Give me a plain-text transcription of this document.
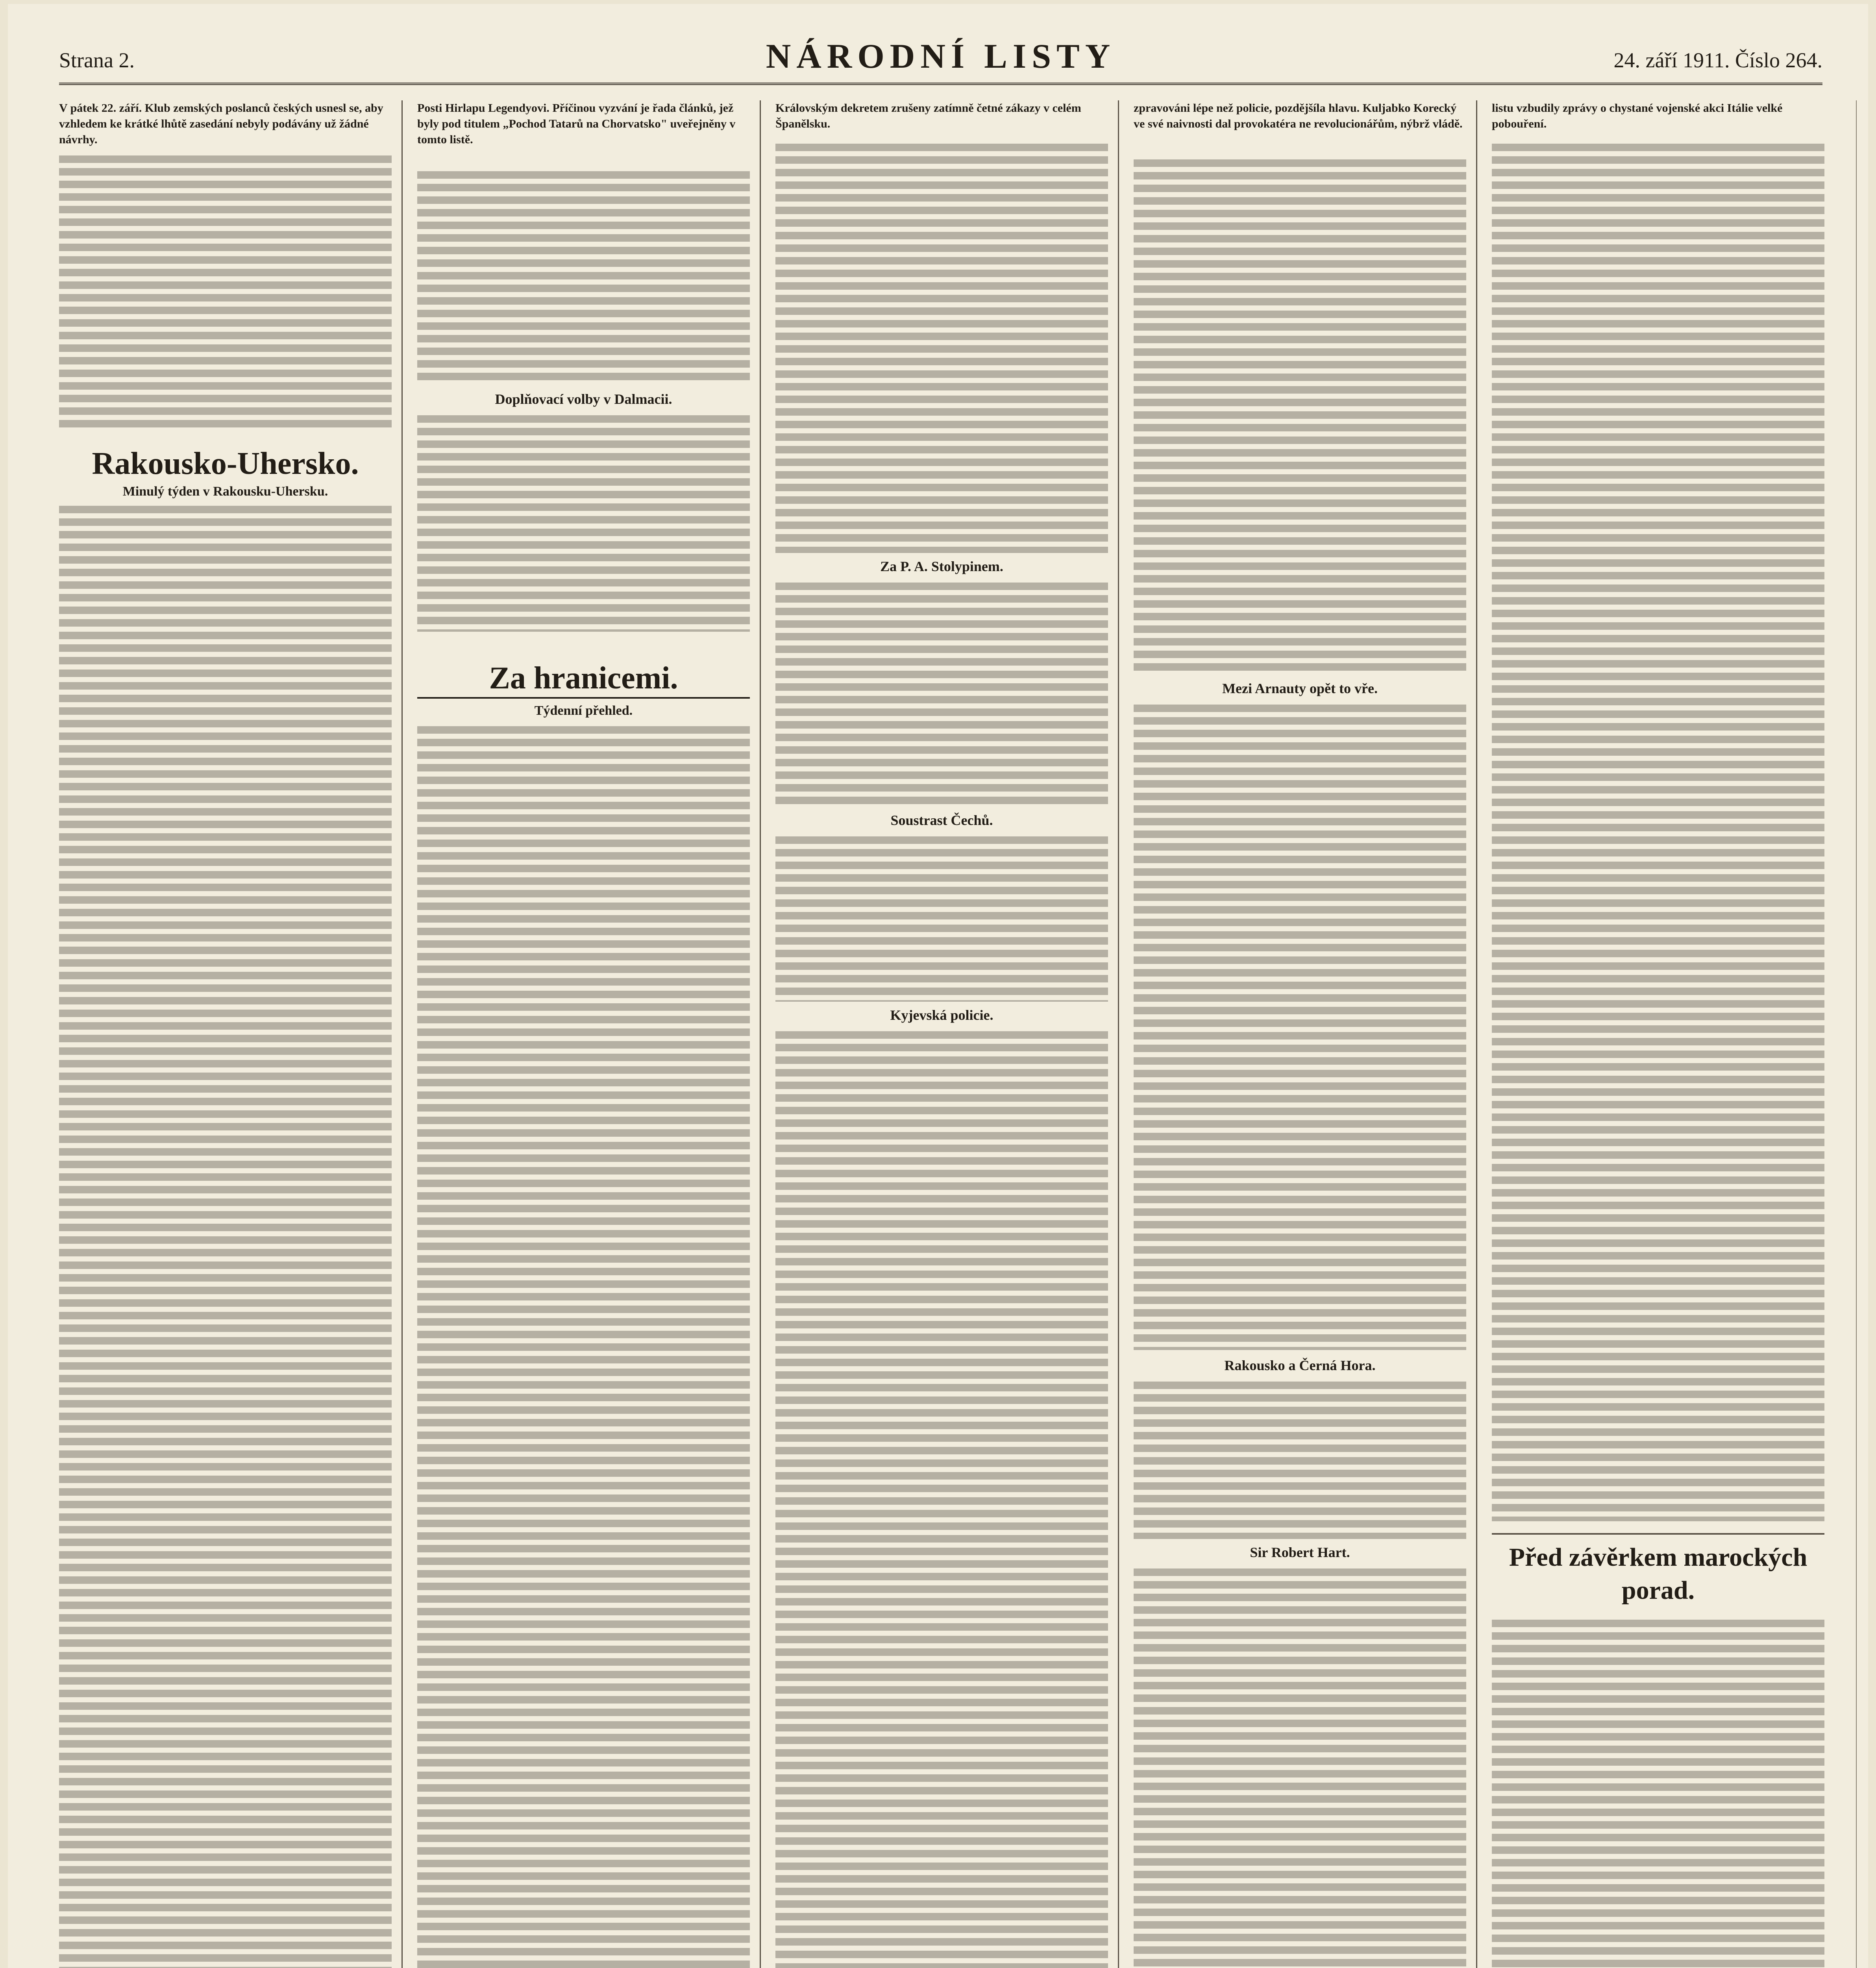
Strana 2.	NÁRODNÍ LISTY	24. září 1911. Číslo 264.

V pátek 22. září. Klub zemských poslanců českých usnesl se, aby vzhledem ke krátké lhůtě zasedání nebyly podávány už žádné návrhy.

Rakousko-Uhersko.
Minulý týden v Rakousku-Uhersku.

Posti Hirlapu Legendyovi. Příčinou vyzvání je řada článků, jež byly pod titulem „Pochod Tatarů na Chorvatsko" uveřejněny v tomto listě.

Doplňovací volby v Dalmacii.
Za hranicemi.
Týdenní přehled.

Královským dekretem zrušeny zatímně četné zákazy v celém Španělsku.

Za P. A. Stolypinem.
Soustrast Čechů.
Kyjevská policie.

zpravováni lépe než policie, pozdějšíla hlavu. Kuljabko Korecký ve své naivnosti dal provokatéra ne revolucionářům, nýbrž vládě.

Mezi Arnauty opět to vře.
Rakousko a Černá Hora.
Sir Robert Hart.

listu vzbudily zprávy o chystané vojenské akci Itálie velké pobouření.

Před závěrkem marockých porad.
